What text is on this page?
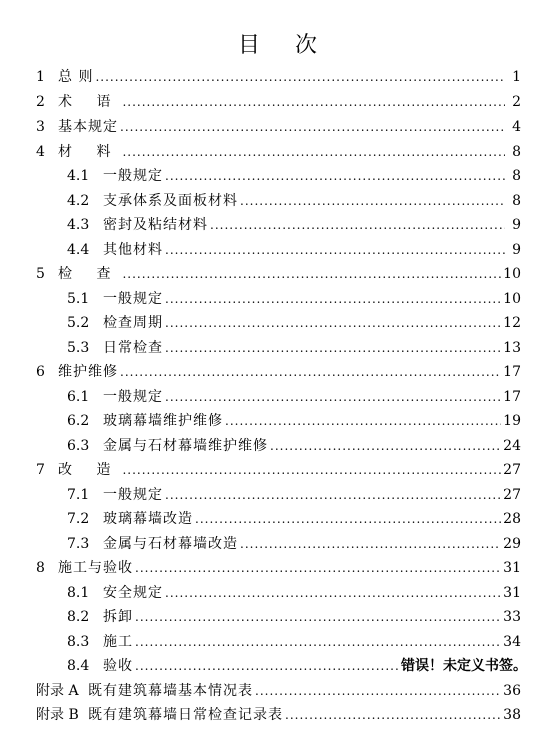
目 次
1 总 则 .....	1
2 术 语 .....	2
3 基本规定 .....	4
4 材 料 .....	8
4.1 一般规定 .....	8
4.2 支承体系及面板材料 .....	8
4.3 密封及粘结材料 .....	9
4.4 其他材料 .....	9
5 检 查 .....	10
5.1 一般规定 .....	10
5.2 检查周期 .....	12
5.3 日常检查 .....	13
6 维护维修 .....	17
6.1 一般规定 .....	17
6.2 玻璃幕墙维护维修 .....	19
6.3 金属与石材幕墙维护维修 .....	24
7 改 造 .....	27
7.1 一般规定 .....	27
7.2 玻璃幕墙改造 .....	28
7.3 金属与石材幕墙改造 .....	29
8 施工与验收 .....	31
8.1 安全规定 .....	31
8.2 拆卸 .....	33
8.3 施工 .....	34
8.4 验收 .....	错误！未定义书签。
附录 A 既有建筑幕墙基本情况表 .....	36
附录 B 既有建筑幕墙日常检查记录表 .....	38
